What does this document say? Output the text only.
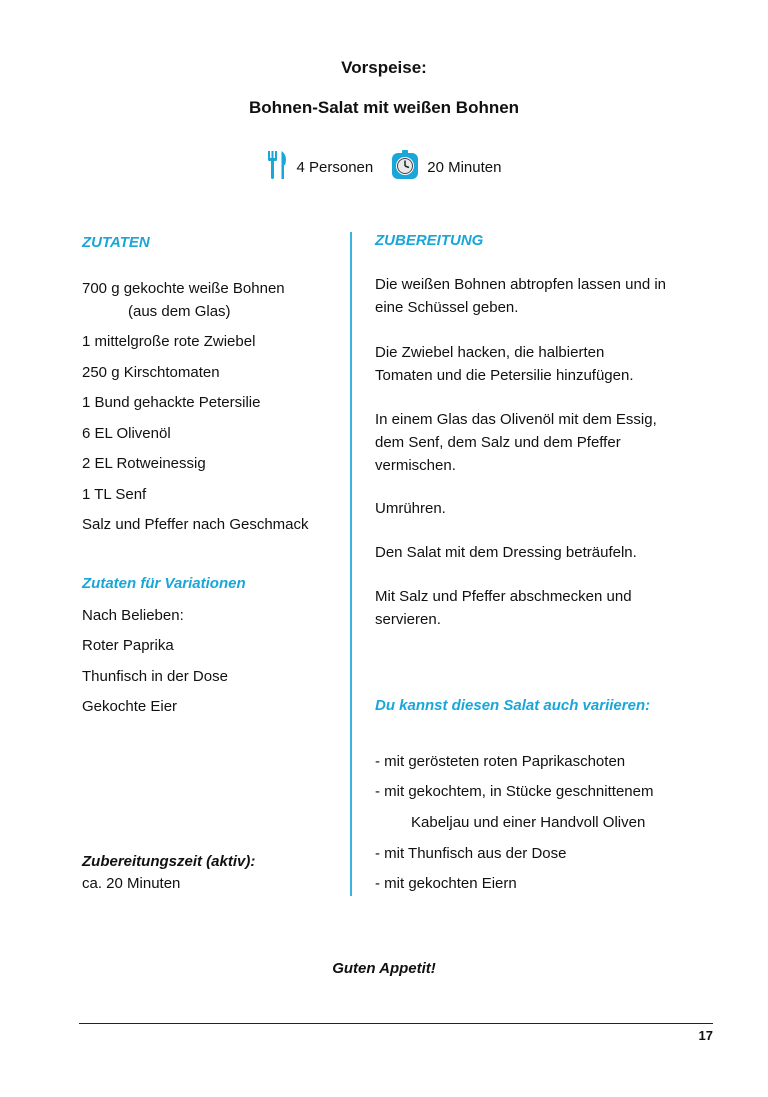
Vorspeise:
Bohnen-Salat mit weißen Bohnen
4 Personen	20 Minuten
ZUTATEN
700 g gekochte weiße Bohnen
(aus dem Glas)
1 mittelgroße rote Zwiebel
250 g Kirschtomaten
1 Bund gehackte Petersilie
6 EL Olivenöl
2 EL Rotweinessig
1 TL Senf
Salz und Pfeffer nach Geschmack
Zutaten für Variationen
Nach Belieben:
Roter Paprika
Thunfisch in der Dose
Gekochte Eier
Zubereitungszeit (aktiv):
ca. 20 Minuten
ZUBEREITUNG
Die weißen Bohnen abtropfen lassen und in
eine Schüssel geben.
Die Zwiebel hacken, die halbierten
Tomaten und die Petersilie hinzufügen.
In einem Glas das Olivenöl mit dem Essig,
dem Senf, dem Salz und dem Pfeffer
vermischen.
Umrühren.
Den Salat mit dem Dressing beträufeln.
Mit Salz und Pfeffer abschmecken und
servieren.
Du kannst diesen Salat auch variieren:
- mit gerösteten roten Paprikaschoten
- mit gekochtem, in Stücke geschnittenem
Kabeljau und einer Handvoll Oliven
- mit Thunfisch aus der Dose
- mit gekochten Eiern
Guten Appetit!
17
